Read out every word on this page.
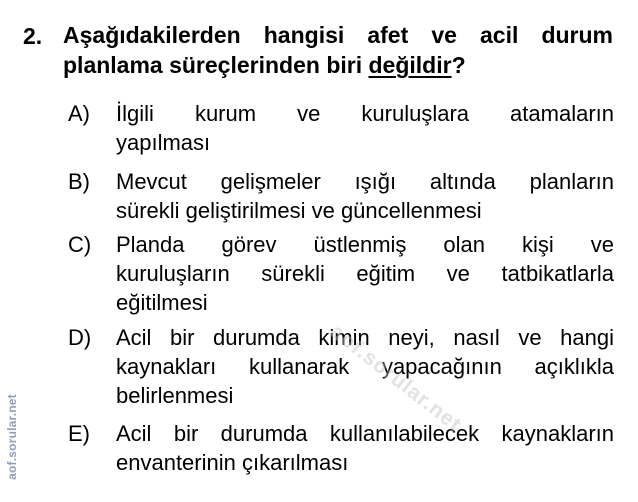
2. Aşağıdakilerden hangisi afet ve acil durum
planlama süreçlerinden biri değildir?
A)	İlgili kurum ve kuruluşlara atamaların
yapılması
B)	Mevcut gelişmeler ışığı altında planların
sürekli geliştirilmesi ve güncellenmesi
C)	Planda görev üstlenmiş olan kişi ve
kuruluşların sürekli eğitim ve tatbikatlarla
eğitilmesi
D)	Acil bir durumda kimin neyi, nasıl ve hangi
kaynakları kullanarak yapacağının açıklıkla
belirlenmesi
E)	Acil bir durumda kullanılabilecek kaynakların
envanterinin çıkarılması
aof.sorular.net
aof.sorular.net
